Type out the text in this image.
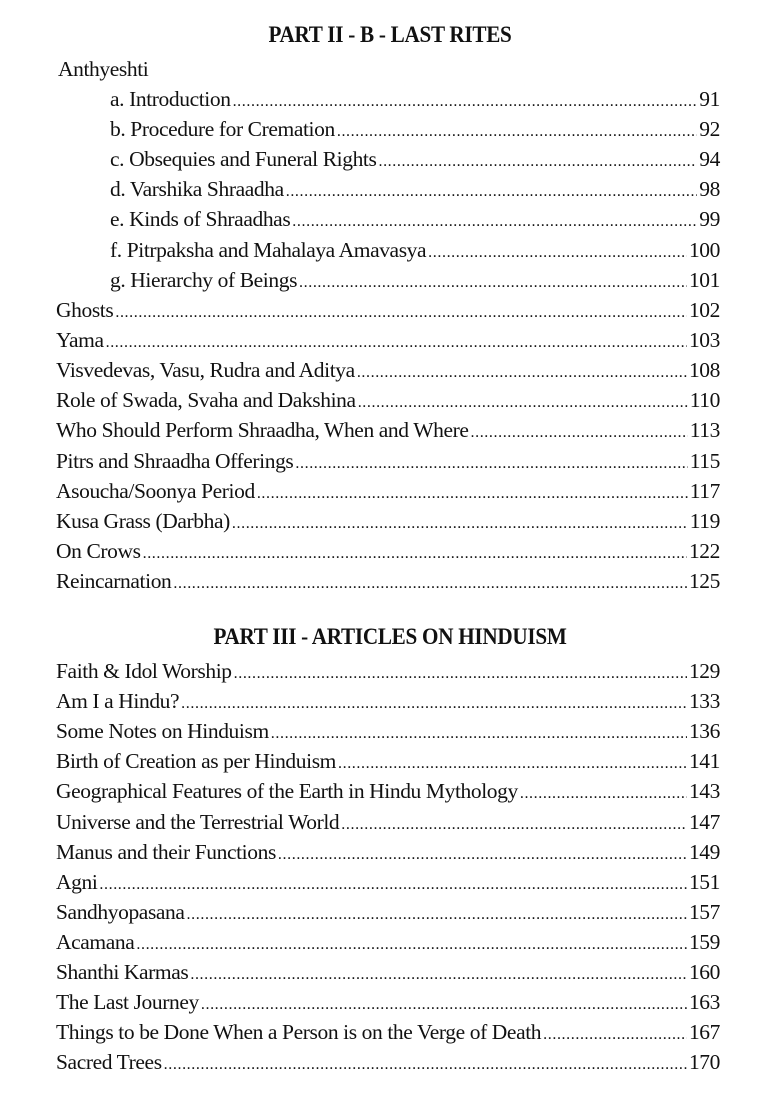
PART II - B - LAST RITES
Anthyeshti
a. Introduction .....	91
b. Procedure for Cremation .....	92
c. Obsequies and Funeral Rights .....	94
d. Varshika Shraadha .....	98
e. Kinds of Shraadhas .....	99
f. Pitrpaksha and Mahalaya Amavasya .....	100
g. Hierarchy of Beings .....	101
Ghosts .....	102
Yama .....	103
Visvedevas, Vasu, Rudra and Aditya .....	108
Role of Swada, Svaha and Dakshina .....	110
Who Should Perform Shraadha, When and Where .....	113
Pitrs and Shraadha Offerings .....	115
Asoucha/Soonya Period .....	117
Kusa Grass (Darbha) .....	119
On Crows .....	122
Reincarnation .....	125
PART III - ARTICLES ON HINDUISM
Faith & Idol Worship .....	129
Am I a Hindu? .....	133
Some Notes on Hinduism .....	136
Birth of Creation as per Hinduism .....	141
Geographical Features of the Earth in Hindu Mythology .....	143
Universe and the Terrestrial World .....	147
Manus and their Functions .....	149
Agni .....	151
Sandhyopasana .....	157
Acamana .....	159
Shanthi Karmas .....	160
The Last Journey .....	163
Things to be Done When a Person is on the Verge of Death .....	167
Sacred Trees .....	170
